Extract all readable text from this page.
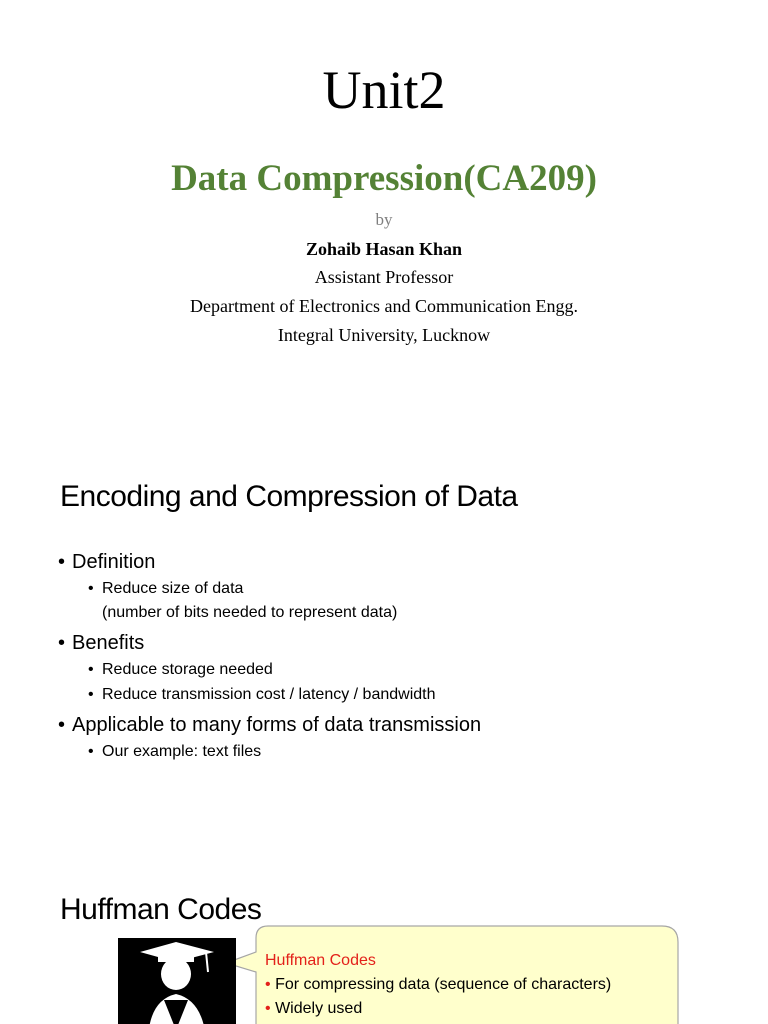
Unit2
Data Compression(CA209)
by
Zohaib Hasan Khan
Assistant Professor
Department of Electronics and Communication Engg.
Integral University, Lucknow
Encoding and Compression of Data
• Definition
• Reduce size of data
(number of bits needed to represent data)
• Benefits
• Reduce storage needed
• Reduce transmission cost / latency / bandwidth
• Applicable to many forms of data transmission
• Our example: text files
Huffman Codes
Huffman Codes
• For compressing data (sequence of characters)
• Widely used
